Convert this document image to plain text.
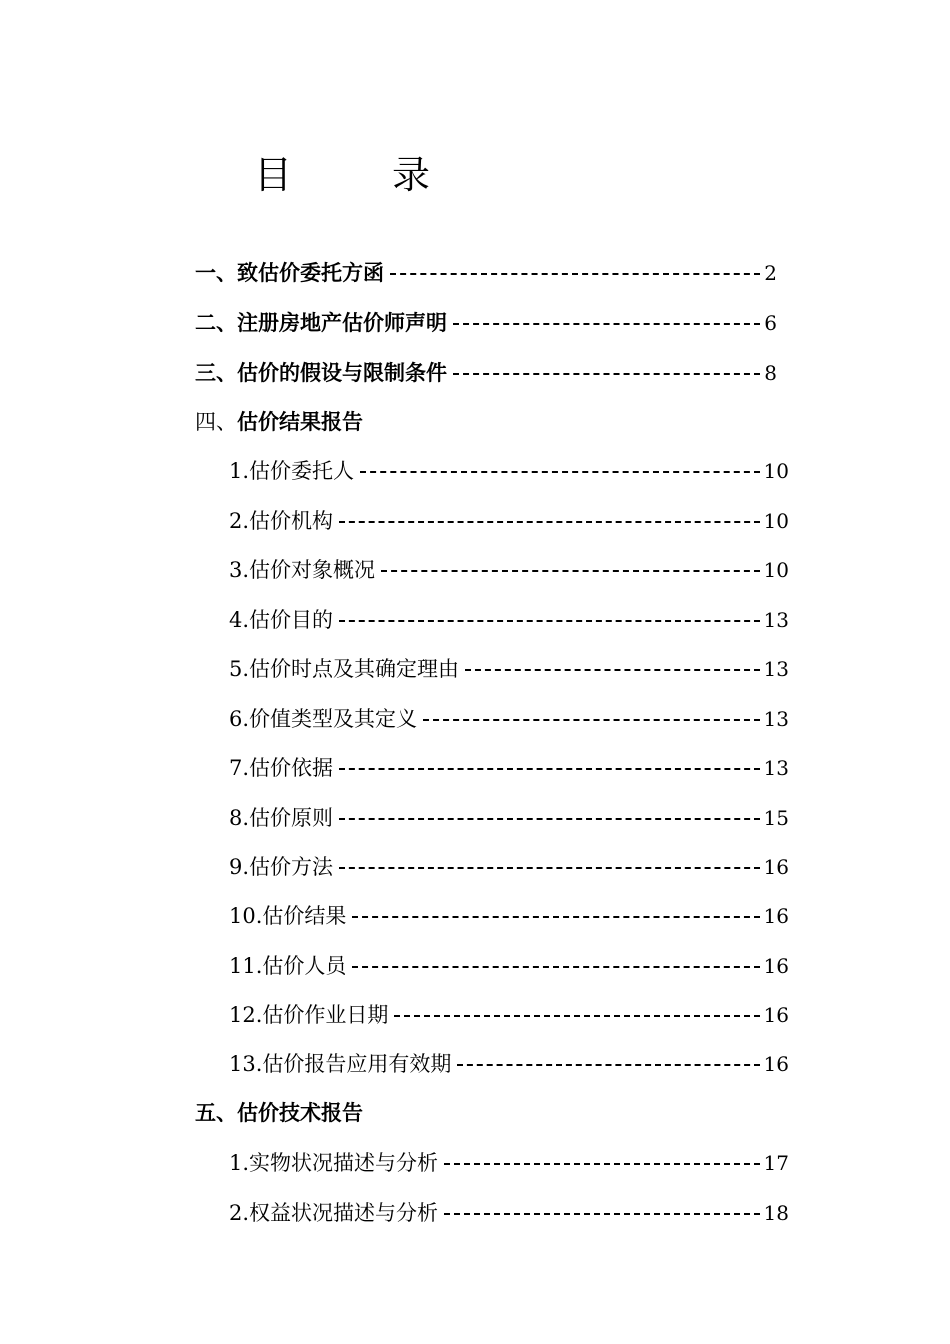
目	录
一、致估价委托方函	2
二、注册房地产估价师声明	6
三、估价的假设与限制条件	8
四、 估价结果报告
1.估价委托人	10
2.估价机构	10
3.估价对象概况	10
4.估价目的	13
5.估价时点及其确定理由	13
6.价值类型及其定义	13
7.估价依据	13
8.估价原则	15
9.估价方法	16
10.估价结果	16
11.估价人员	16
12.估价作业日期	16
13.估价报告应用有效期	16
五、估价技术报告
1.实物状况描述与分析	17
2.权益状况描述与分析	18
